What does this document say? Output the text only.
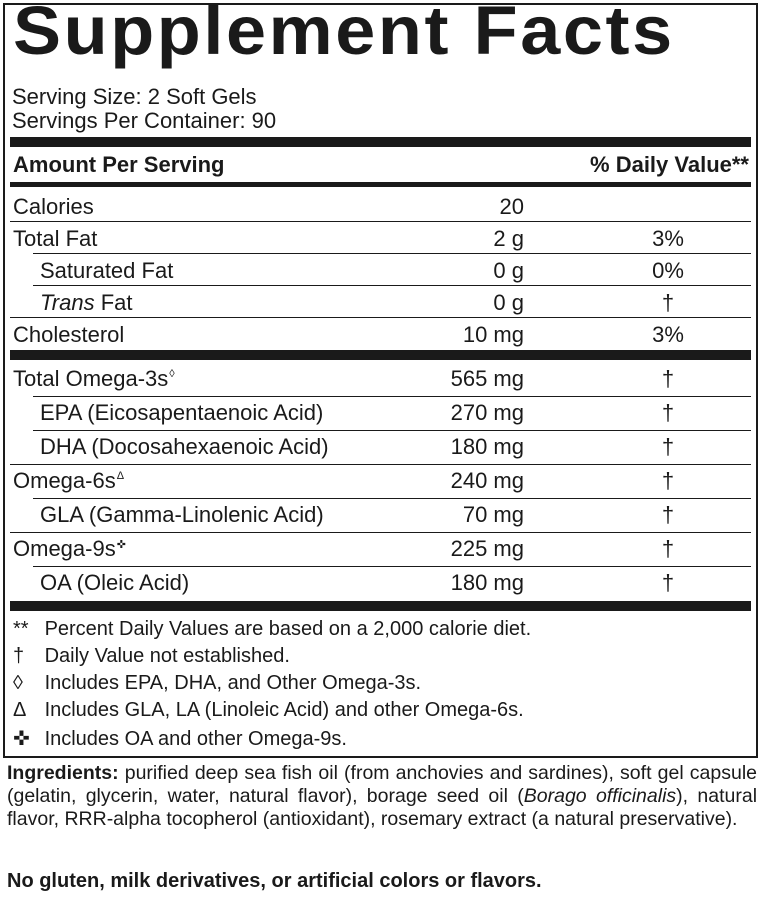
Supplement Facts
Serving Size: 2 Soft Gels
Servings Per Container: 90
Amount Per Serving	% Daily Value**
Calories	20
Total Fat	2 g	3%
Saturated Fat	0 g	0%
Trans Fat	0 g	†
Cholesterol	10 mg	3%
Total Omega-3s◊	565 mg	†
EPA (Eicosapentaenoic Acid)	270 mg	†
DHA (Docosahexaenoic Acid)	180 mg	†
Omega-$6s^\Delta$	240 mg	†
GLA (Gamma-Linolenic Acid)	70 mg	†
Omega-9s✜	225 mg	†
OA (Oleic Acid)	180 mg	†
** Percent Daily Values are based on a 2,000 calorie diet.
† Daily Value not established.
◊ Includes EPA, DHA, and Other Omega-3s.
Δ Includes GLA, LA (Linoleic Acid) and other Omega-6s.
✜ Includes OA and other Omega-9s.
Ingredients: purified deep sea fish oil (from anchovies and sardines), soft gel capsule (gelatin, glycerin, water, natural flavor), borage seed oil (Borago officinalis), natural flavor, RRR-alpha tocopherol (antioxidant), rosemary extract (a natural preservative).
No gluten, milk derivatives, or artificial colors or flavors.
